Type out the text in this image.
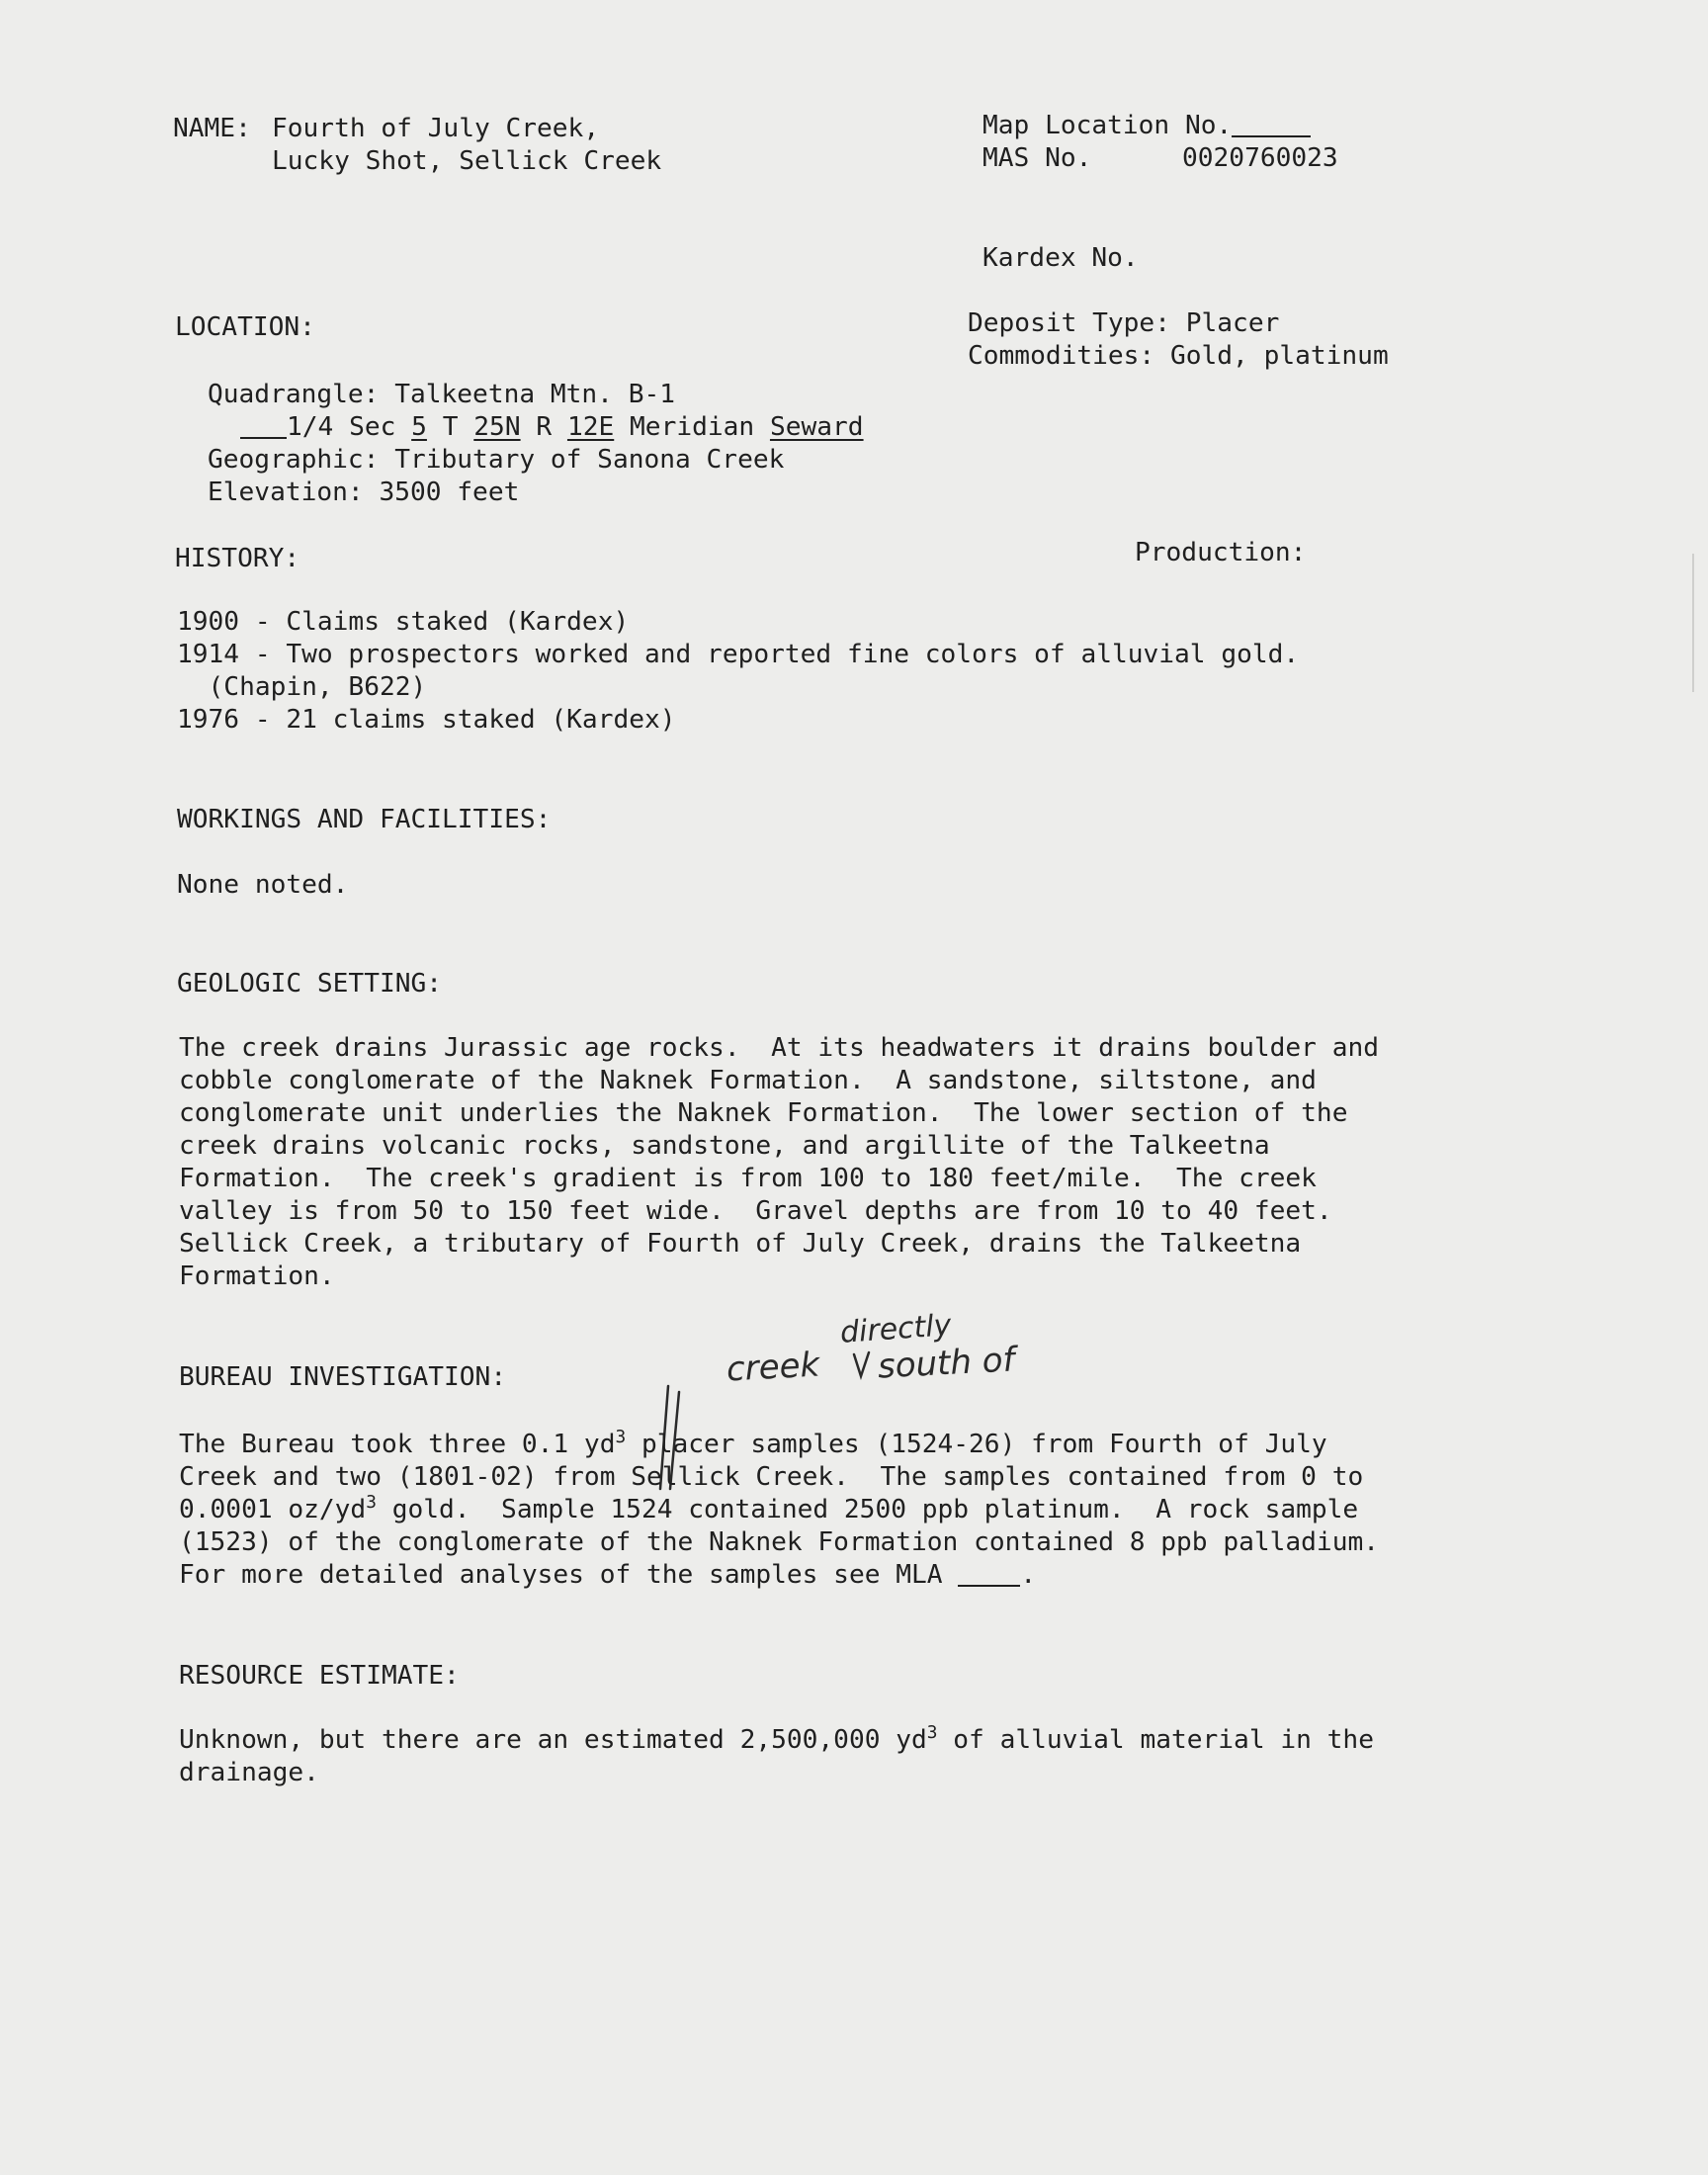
NAME: Fourth of July Creek,
Lucky Shot, Sellick Creek
Map Location No.
MAS No.	0020760023
Kardex No.
LOCATION:	Deposit Type: Placer
Commodities: Gold, platinum
Quadrangle: Talkeetna Mtn. B-1
1/4 Sec 5 T 25N R 12E Meridian Seward
Geographic: Tributary of Sanona Creek
Elevation: 3500 feet
HISTORY:	Production:
1900 - Claims staked (Kardex)
1914 - Two prospectors worked and reported fine colors of alluvial gold.
(Chapin, B622)
1976 - 21 claims staked (Kardex)
WORKINGS AND FACILITIES:
None noted.
GEOLOGIC SETTING:
The creek drains Jurassic age rocks.  At its headwaters it drains boulder and
cobble conglomerate of the Naknek Formation.  A sandstone, siltstone, and
conglomerate unit underlies the Naknek Formation.  The lower section of the
creek drains volcanic rocks, sandstone, and argillite of the Talkeetna
Formation.  The creek's gradient is from 100 to 180 feet/mile.  The creek
valley is from 50 to 150 feet wide.  Gravel depths are from 10 to 40 feet.
Sellick Creek, a tributary of Fourth of July Creek, drains the Talkeetna
Formation.
BUREAU INVESTIGATION:
directly
creek south of
The Bureau took three 0.1 $yd^3$ placer samples (1524-26) from Fourth of July
Creek and two (1801-02) from Sellick Creek.  The samples contained from 0 to
0.0001 $oz/yd^3$ gold.  Sample 1524 contained 2500 ppb platinum.  A rock sample
(1523) of the conglomerate of the Naknek Formation contained 8 ppb palladium.
For more detailed analyses of the samples see MLA .
RESOURCE ESTIMATE:
Unknown, but there are an estimated 2,500,000 $yd^3$ of alluvial material in the
drainage.
